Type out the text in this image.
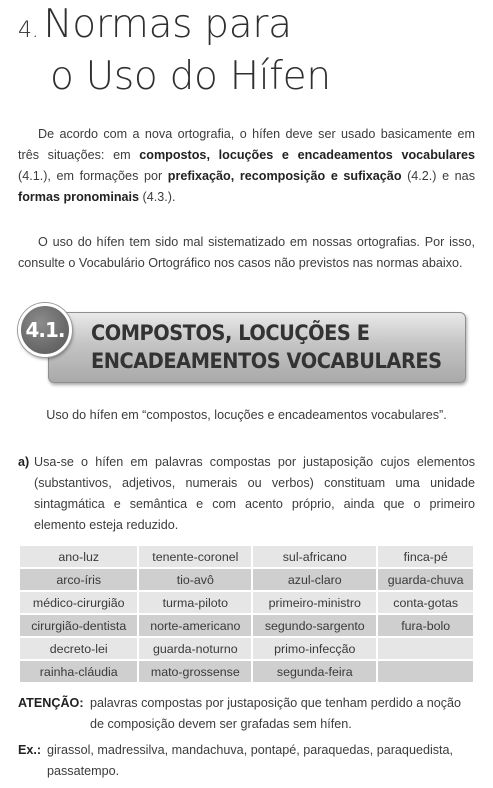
4. Normas para
o Uso do Hífen

De acordo com a nova ortografia, o hífen deve ser usado basicamente em três situações: em compostos, locuções e encadeamentos vocabulares (4.1.), em formações por prefixação, recomposição e sufixação (4.2.) e nas formas pronominais (4.3.).

O uso do hífen tem sido mal sistematizado em nossas ortografias. Por isso, consulte o Vocabulário Ortográfico nos casos não previstos nas normas abaixo.

COMPOSTOS, LOCUÇÕES E
ENCADEAMENTOS VOCABULARES
4.1.
Uso do hífen em “compostos, locuções e encadeamentos vocabulares”.
a) Usa-se o hífen em palavras compostas por justaposição cujos elementos (substantivos, adjetivos, numerais ou verbos) constituam uma unidade sintagmática e semântica e com acento próprio, ainda que o primeiro elemento esteja reduzido.
ano-luz	tenente-coronel	sul-africano	finca-pé
arco-íris	tio-avô	azul-claro	guarda-chuva
médico-cirurgião	turma-piloto	primeiro-ministro	conta-gotas
cirurgião-dentista	norte-americano	segundo-sargento	fura-bolo
decreto-lei	guarda-noturno	primo-infecção	
rainha-cláudia	mato-grossense	segunda-feira	
ATENÇÃO: palavras compostas por justaposição que tenham perdido a noção
de composição devem ser grafadas sem hífen.
Ex.: girassol, madressilva, mandachuva, pontapé, paraquedas, paraquedista,
passatempo.
